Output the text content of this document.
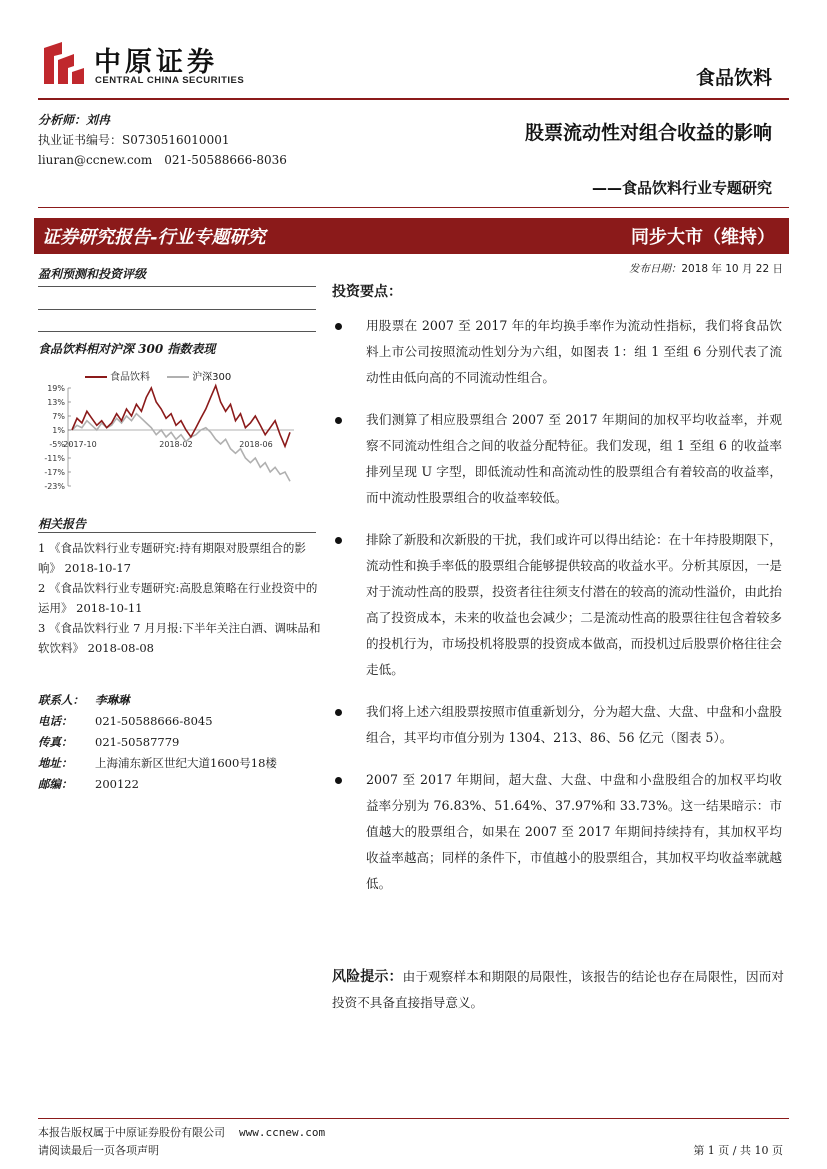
中原证券
CENTRAL CHINA SECURITIES	食品饮料
分析师：刘冉
执业证书编号：S0730516010001
liuran@ccnew.com　021-50588666-8036
股票流动性对组合收益的影响
——食品饮料行业专题研究
证券研究报告-行业专题研究	同步大市（维持）
发布日期：2018 年 10 月 22 日
盈利预测和投资评级
食品饮料相对沪深 300 指数表现
食品饮料	沪深300
19%
13%
7%
1%
-5%
-11%
-17%
-23%
2017-10	2018-02	2018-06
相关报告
1 《食品饮料行业专题研究:持有期限对股票组合的影响》 2018-10-17
2 《食品饮料行业专题研究:高股息策略在行业投资中的运用》 2018-10-11
3 《食品饮料行业 7 月月报:下半年关注白酒、调味品和软饮料》 2018-08-08
联系人： 李琳琳
电话：	021-50588666-8045
传真：	021-50587779
地址：	上海浦东新区世纪大道1600号18楼
邮编：	200122
投资要点：
用股票在 2007 至 2017 年的年均换手率作为流动性指标，我们将食品饮料上市公司按照流动性划分为六组，如图表 1：组 1 至组 6 分别代表了流动性由低向高的不同流动性组合。
我们测算了相应股票组合 2007 至 2017 年期间的加权平均收益率，并观察不同流动性组合之间的收益分配特征。我们发现，组 1 至组 6 的收益率排列呈现 U 字型，即低流动性和高流动性的股票组合有着较高的收益率，而中流动性股票组合的收益率较低。
排除了新股和次新股的干扰，我们或许可以得出结论：在十年持股期限下，流动性和换手率低的股票组合能够提供较高的收益水平。分析其原因，一是对于流动性高的股票，投资者往往须支付潜在的较高的流动性溢价，由此抬高了投资成本，未来的收益也会减少；二是流动性高的股票往往包含着较多的投机行为，市场投机将股票的投资成本做高，而投机过后股票价格往往会走低。
我们将上述六组股票按照市值重新划分，分为超大盘、大盘、中盘和小盘股组合，其平均市值分别为 1304、213、86、56 亿元（图表 5）。
2007 至 2017 年期间，超大盘、大盘、中盘和小盘股组合的加权平均收益率分别为 76.83%、51.64%、37.97%和 33.73%。这一结果暗示：市值越大的股票组合，如果在 2007 至 2017 年期间持续持有，其加权平均收益率越高；同样的条件下，市值越小的股票组合，其加权平均收益率就越低。
风险提示：由于观察样本和期限的局限性，该报告的结论也存在局限性，因而对投资不具备直接指导意义。
本报告版权属于中原证券股份有限公司 www.ccnew.com
请阅读最后一页各项声明	第 1 页 / 共 10 页
